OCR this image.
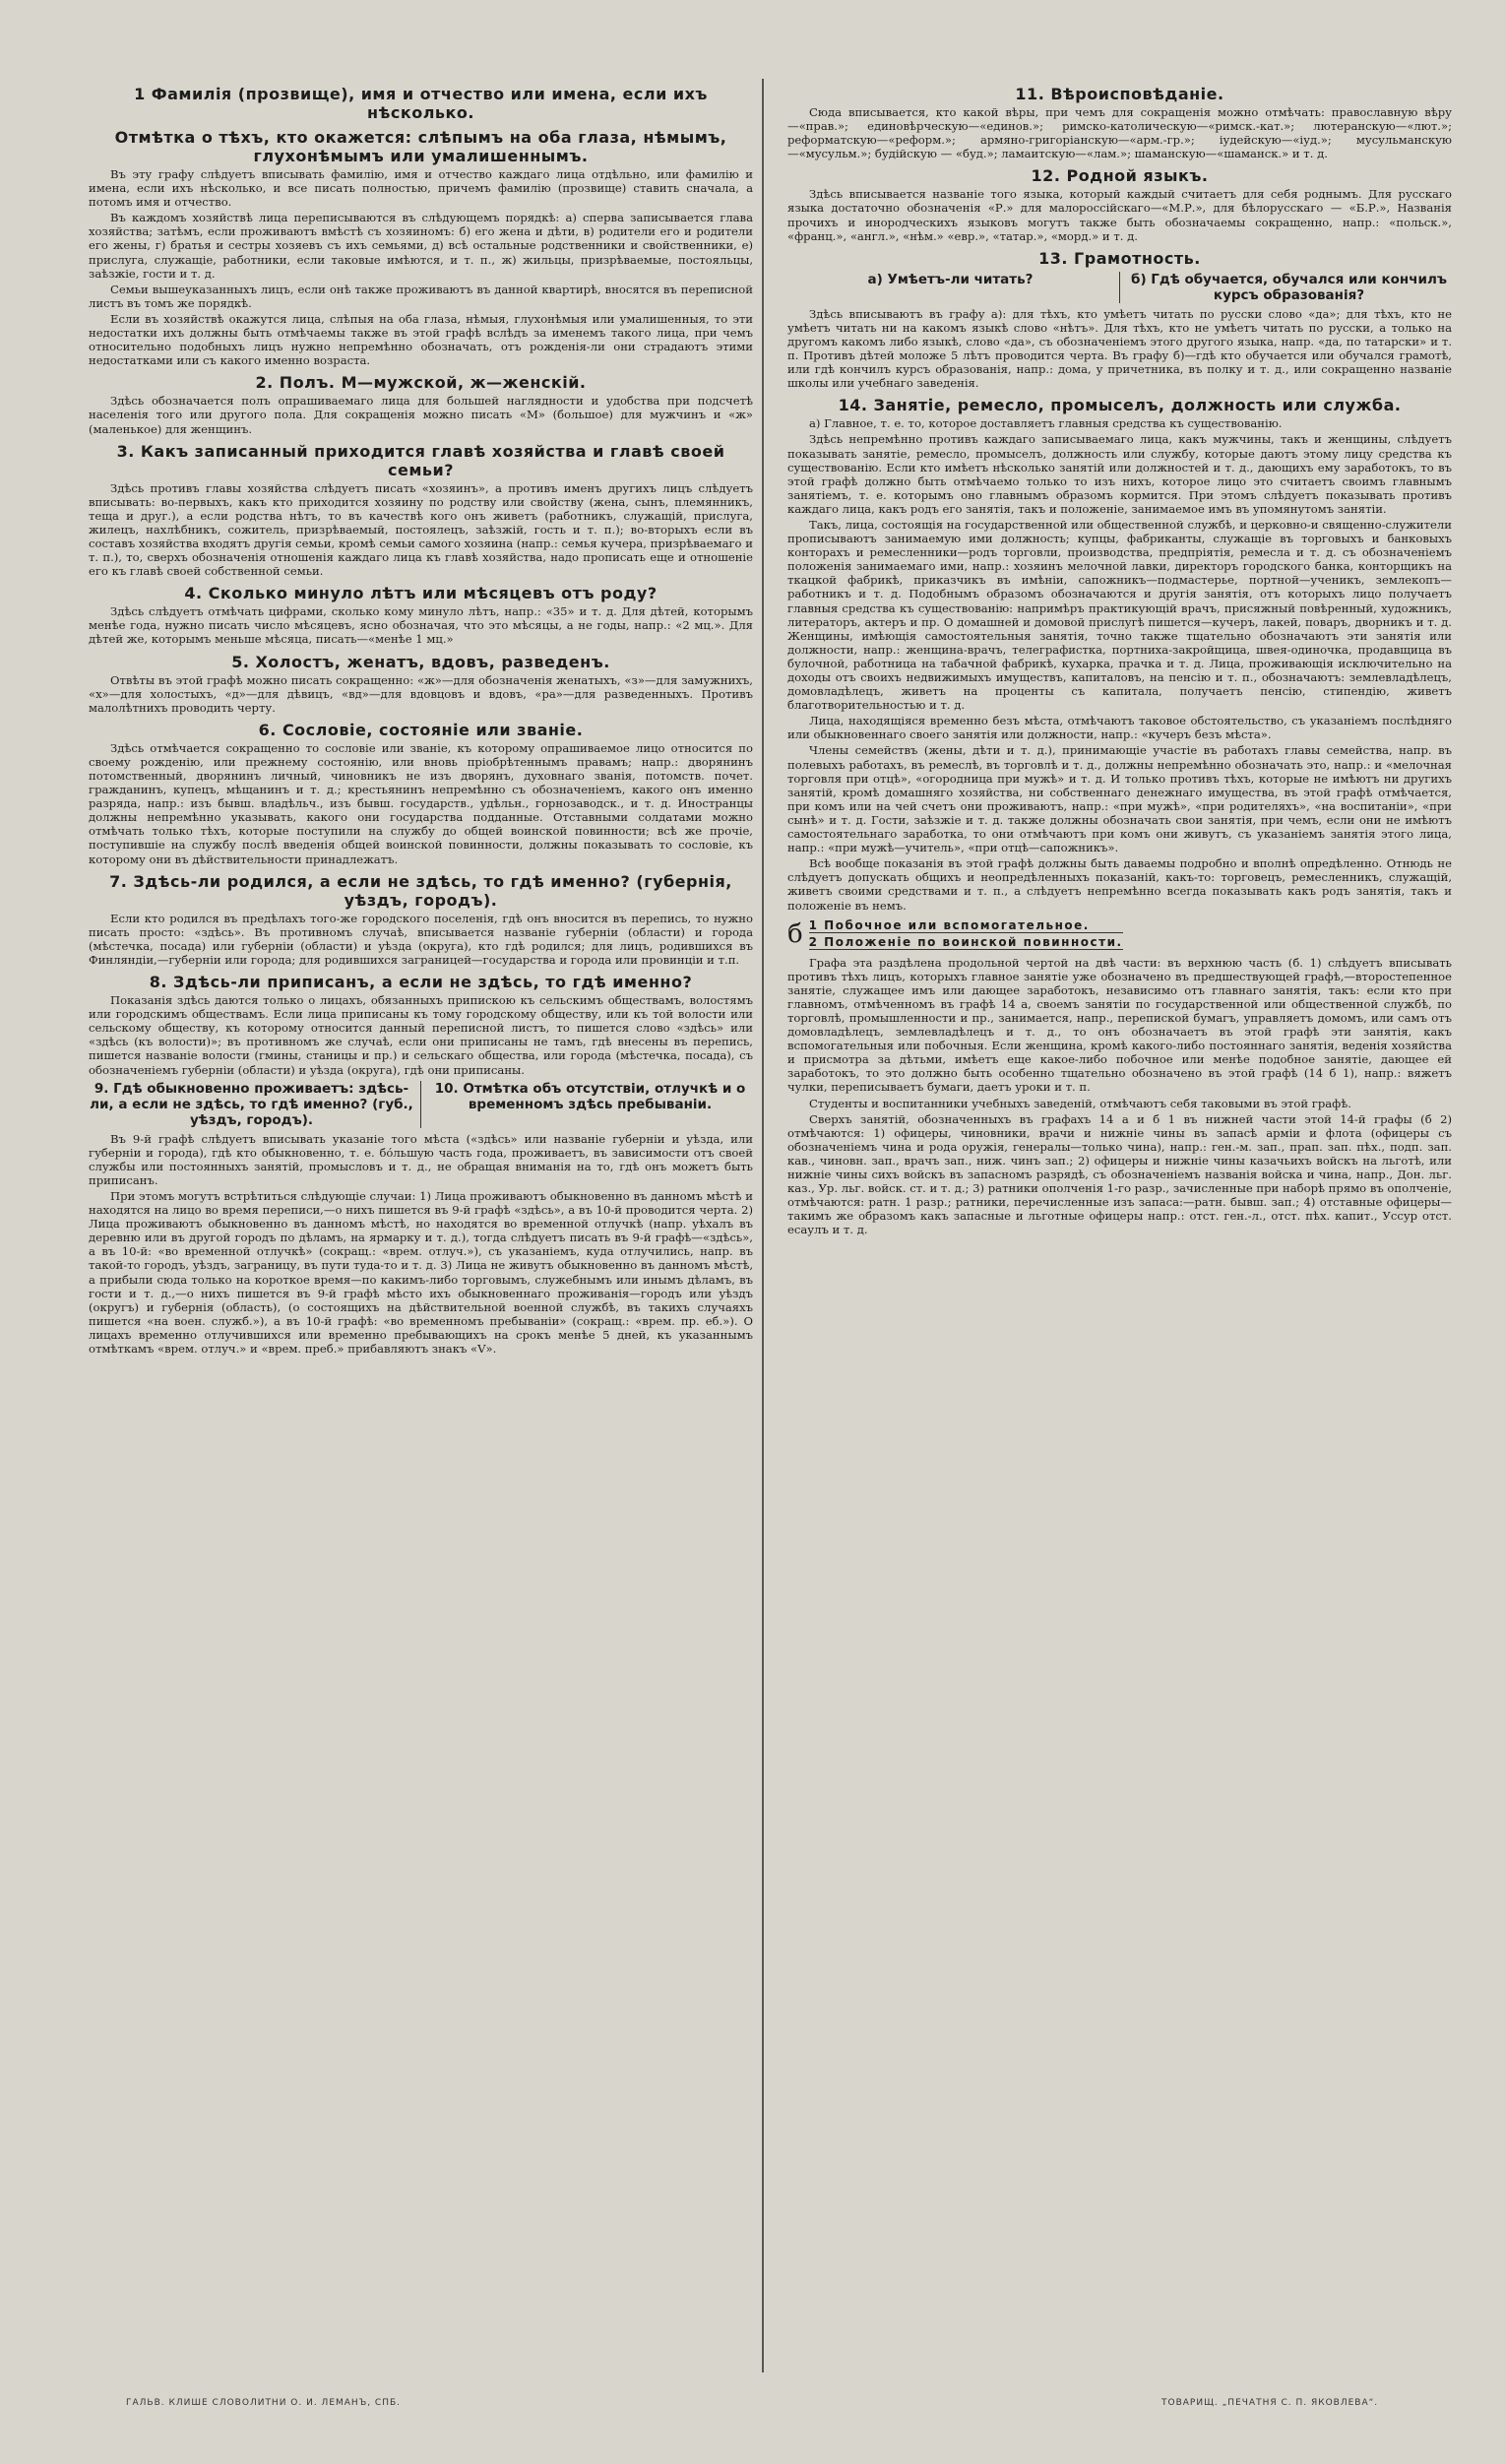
1 Фамилія (прозвище), имя и отчество или имена, если ихъ нѣсколько.
Отмѣтка о тѣхъ, кто окажется: слѣпымъ на оба глаза, нѣмымъ, глухонѣмымъ или умалишеннымъ.

Въ эту графу слѣдуетъ вписывать фамилію, имя и отчество каждаго лица отдѣльно, или фамилію и имена, если ихъ нѣсколько, и все писать полностью, причемъ фамилію (прозвище) ставить сначала, а потомъ имя и отчество.

Въ каждомъ хозяйствѣ лица переписываются въ слѣдующемъ порядкѣ: а) сперва записывается глава хозяйства; затѣмъ, если проживаютъ вмѣстѣ съ хозяиномъ: б) его жена и дѣти, в) родители его и родители его жены, г) братья и сестры хозяевъ съ ихъ семьями, д) всѣ остальные родственники и свойственники, е) прислуга, служащіе, работники, если таковые имѣются, и т. п., ж) жильцы, призрѣваемые, постояльцы, заѣзжіе, гости и т. д.

Семьи вышеуказанныхъ лицъ, если онѣ также проживаютъ въ данной квартирѣ, вносятся въ переписной листъ въ томъ же порядкѣ.

Если въ хозяйствѣ окажутся лица, слѣпыя на оба глаза, нѣмыя, глухонѣмыя или умалишенныя, то эти недостатки ихъ должны быть отмѣчаемы также въ этой графѣ вслѣдъ за именемъ такого лица, при чемъ относительно подобныхъ лицъ нужно непремѣнно обозначать, отъ рожденія-ли они страдаютъ этими недостатками или съ какого именно возраста.

2. Полъ. М—мужской, ж—женскій.

Здѣсь обозначается полъ опрашиваемаго лица для большей наглядности и удобства при подсчетѣ населенія того или другого пола. Для сокращенія можно писать «М» (большое) для мужчинъ и «ж» (маленькое) для женщинъ.

3. Какъ записанный приходится главѣ хозяйства и главѣ своей семьи?

Здѣсь противъ главы хозяйства слѣдуетъ писать «хозяинъ», а противъ именъ другихъ лицъ слѣдуетъ вписывать: во-первыхъ, какъ кто приходится хозяину по родству или свойству (жена, сынъ, племянникъ, теща и друг.), а если родства нѣтъ, то въ качествѣ кого онъ живетъ (работникъ, служащій, прислуга, жилецъ, нахлѣбникъ, сожитель, призрѣваемый, постоялецъ, заѣзжій, гость и т. п.); во-вторыхъ если въ составъ хозяйства входятъ другія семьи, кромѣ семьи самого хозяина (напр.: семья кучера, призрѣваемаго и т. п.), то, сверхъ обозначенія отношенія каждаго лица къ главѣ хозяйства, надо прописать еще и отношеніе его къ главѣ своей собственной семьи.

4. Сколько минуло лѣтъ или мѣсяцевъ отъ роду?

Здѣсь слѣдуетъ отмѣчать цифрами, сколько кому минуло лѣтъ, напр.: «35» и т. д. Для дѣтей, которымъ менѣе года, нужно писать число мѣсяцевъ, ясно обозначая, что это мѣсяцы, а не годы, напр.: «2 мц.». Для дѣтей же, которымъ меньше мѣсяца, писать—«менѣе 1 мц.»

5. Холостъ, женатъ, вдовъ, разведенъ.

Отвѣты въ этой графѣ можно писать сокращенно: «ж»—для обозначенія женатыхъ, «з»—для замужнихъ, «х»—для холостыхъ, «д»—для дѣвицъ, «вд»—для вдовцовъ и вдовъ, «ра»—для разведенныхъ. Противъ малолѣтнихъ проводить черту.

6. Сословіе, состояніе или званіе.

Здѣсь отмѣчается сокращенно то сословіе или званіе, къ которому опрашиваемое лицо относится по своему рожденію, или прежнему состоянію, или вновь пріобрѣтеннымъ правамъ; напр.: дворянинъ потомственный, дворянинъ личный, чиновникъ не изъ дворянъ, духовнаго званія, потомств. почет. гражданинъ, купецъ, мѣщанинъ и т. д.; крестьянинъ непремѣнно съ обозначеніемъ, какого онъ именно разряда, напр.: изъ бывш. владѣльч., изъ бывш. государств., удѣльн., горнозаводск., и т. д. Иностранцы должны непремѣнно указывать, какого они государства подданные. Отставными солдатами можно отмѣчать только тѣхъ, которые поступили на службу до общей воинской повинности; всѣ же прочіе, поступившіе на службу послѣ введенія общей воинской повинности, должны показывать то сословіе, къ которому они въ дѣйствительности принадлежатъ.

7. Здѣсь-ли родился, а если не здѣсь, то гдѣ именно? (губернія, уѣздъ, городъ).

Если кто родился въ предѣлахъ того-же городского поселенія, гдѣ онъ вносится въ перепись, то нужно писать просто: «здѣсь». Въ противномъ случаѣ, вписывается названіе губерніи (области) и города (мѣстечка, посада) или губерніи (области) и уѣзда (округа), кто гдѣ родился; для лицъ, родившихся въ Финляндіи,—губерніи или города; для родившихся заграницей—государства и города или провинціи и т.п.

8. Здѣсь-ли приписанъ, а если не здѣсь, то гдѣ именно?

Показанія здѣсь даются только о лицахъ, обязанныхъ припискою къ сельскимъ обществамъ, волостямъ или городскимъ обществамъ. Если лица приписаны къ тому городскому обществу, или къ той волости или сельскому обществу, къ которому относится данный переписной листъ, то пишется слово «здѣсь» или «здѣсь (къ волости)»; въ противномъ же случаѣ, если они приписаны не тамъ, гдѣ внесены въ перепись, пишется названіе волости (гмины, станицы и пр.) и сельскаго общества, или города (мѣстечка, посада), съ обозначеніемъ губерніи (области) и уѣзда (округа), гдѣ они приписаны.

9. Гдѣ обыкновенно проживаетъ: здѣсь-ли, а если не здѣсь, то гдѣ именно? (губ., уѣздъ, городъ).
10. Отмѣтка объ отсутствіи, отлучкѣ и о временномъ здѣсь пребываніи.

Въ 9-й графѣ слѣдуетъ вписывать указаніе того мѣста («здѣсь» или названіе губерніи и уѣзда, или губерніи и города), гдѣ кто обыкновенно, т. е. бо́льшую часть года, проживаетъ, въ зависимости отъ своей службы или постоянныхъ занятій, промысловъ и т. д., не обращая вниманія на то, гдѣ онъ можетъ быть приписанъ.

При этомъ могутъ встрѣтиться слѣдующіе случаи: 1) Лица проживаютъ обыкновенно въ данномъ мѣстѣ и находятся на лицо во время переписи,—о нихъ пишется въ 9-й графѣ «здѣсь», а въ 10-й проводится черта. 2) Лица проживаютъ обыкновенно въ данномъ мѣстѣ, но находятся во временной отлучкѣ (напр. уѣхалъ въ деревню или въ другой городъ по дѣламъ, на ярмарку и т. д.), тогда слѣдуетъ писать въ 9-й графѣ—«здѣсь», а въ 10-й: «во временной отлучкѣ» (сокращ.: «врем. отлуч.»), съ указаніемъ, куда отлучились, напр. въ такой-то городъ, уѣздъ, заграницу, въ пути туда-то и т. д. 3) Лица не живутъ обыкновенно въ данномъ мѣстѣ, а прибыли сюда только на короткое время—по какимъ-либо торговымъ, служебнымъ или инымъ дѣламъ, въ гости и т. д.,—о нихъ пишется въ 9-й графѣ мѣсто ихъ обыкновеннаго проживанія—городъ или уѣздъ (округъ) и губернія (область), (о состоящихъ на дѣйствительной военной службѣ, въ такихъ случаяхъ пишется «на воен. служб.»), а въ 10-й графѣ: «во временномъ пребываніи» (сокращ.: «врем. пр. еб.»). О лицахъ временно отлучившихся или временно пребывающихъ на срокъ менѣе 5 дней, къ указаннымъ отмѣткамъ «врем. отлуч.» и «врем. преб.» прибавляютъ знакъ «V».

11. Вѣроисповѣданіе.

Сюда вписывается, кто какой вѣры, при чемъ для сокращенія можно отмѣчать: православную вѣру—«прав.»; единовѣрческую—«единов.»; римско-католическую—«римск.-кат.»; лютеранскую—«лют.»; реформатскую—«реформ.»; армяно-григоріанскую—«арм.-гр.»; іудейскую—«іуд.»; мусульманскую—«мусульм.»; будійскую — «буд.»; ламаитскую—«лам.»; шаманскую—«шаманск.» и т. д.

12. Родной языкъ.

Здѣсь вписывается названіе того языка, который каждый считаетъ для себя роднымъ. Для русскаго языка достаточно обозначенія «Р.» для малороссійскаго—«М.Р.», для бѣлорусскаго — «Б.Р.», Названія прочихъ и инородческихъ языковъ могутъ также быть обозначаемы сокращенно, напр.: «польск.», «франц.», «англ.», «нѣм.» «евр.», «татар.», «морд.» и т. д.

13. Грамотность.
а) Умѣетъ-ли читать?	б) Гдѣ обучается, обучался или кончилъ курсъ образованія?

Здѣсь вписываютъ въ графу а): для тѣхъ, кто умѣетъ читать по русски слово «да»; для тѣхъ, кто не умѣетъ читать ни на какомъ языкѣ слово «нѣтъ». Для тѣхъ, кто не умѣетъ читать по русски, а только на другомъ какомъ либо языкѣ, слово «да», съ обозначеніемъ этого другого языка, напр. «да, по татарски» и т. п. Противъ дѣтей моложе 5 лѣтъ проводится черта. Въ графу б)—гдѣ кто обучается или обучался грамотѣ, или гдѣ кончилъ курсъ образованія, напр.: дома, у причетника, въ полку и т. д., или сокращенно названіе школы или учебнаго заведенія.

14. Занятіе, ремесло, промыселъ, должность или служба.

а) Главное, т. е. то, которое доставляетъ главныя средства къ существованію.

Здѣсь непремѣнно противъ каждаго записываемаго лица, какъ мужчины, такъ и женщины, слѣдуетъ показывать занятіе, ремесло, промыселъ, должность или службу, которые даютъ этому лицу средства къ существованію. Если кто имѣетъ нѣсколько занятій или должностей и т. д., дающихъ ему заработокъ, то въ этой графѣ должно быть отмѣчаемо только то изъ нихъ, которое лицо это считаетъ своимъ главнымъ занятіемъ, т. е. которымъ оно главнымъ образомъ кормится. При этомъ слѣдуетъ показывать противъ каждаго лица, какъ родъ его занятія, такъ и положеніе, занимаемое имъ въ упомянутомъ занятіи.

Такъ, лица, состоящія на государственной или общественной службѣ, и церковно-и священно-служители прописываютъ занимаемую ими должность; купцы, фабриканты, служащіе въ торговыхъ и банковыхъ конторахъ и ремесленники—родъ торговли, производства, предпріятія, ремесла и т. д. съ обозначеніемъ положенія занимаемаго ими, напр.: хозяинъ мелочной лавки, директоръ городского банка, конторщикъ на ткацкой фабрикѣ, приказчикъ въ имѣніи, сапожникъ—подмастерье, портной—ученикъ, землекопъ—работникъ и т. д. Подобнымъ образомъ обозначаются и другія занятія, отъ которыхъ лицо получаетъ главныя средства къ существованію: напримѣръ практикующій врачъ, присяжный повѣренный, художникъ, литераторъ, актеръ и пр. О домашней и домовой прислугѣ пишется—кучеръ, лакей, поваръ, дворникъ и т. д. Женщины, имѣющія самостоятельныя занятія, точно также тщательно обозначаютъ эти занятія или должности, напр.: женщина-врачъ, телеграфистка, портниха-закройщица, швея-одиночка, продавщица въ булочной, работница на табачной фабрикѣ, кухарка, прачка и т. д. Лица, проживающія исключительно на доходы отъ своихъ недвижимыхъ имуществъ, капиталовъ, на пенсію и т. п., обозначаютъ: землевладѣлецъ, домовладѣлецъ, живетъ на проценты съ капитала, получаетъ пенсію, стипендію, живетъ благотворительностью и т. д.

Лица, находящіяся временно безъ мѣста, отмѣчаютъ таковое обстоятельство, съ указаніемъ послѣдняго или обыкновеннаго своего занятія или должности, напр.: «кучеръ безъ мѣста».

Члены семействъ (жены, дѣти и т. д.), принимающіе участіе въ работахъ главы семейства, напр. въ полевыхъ работахъ, въ ремеслѣ, въ торговлѣ и т. д., должны непремѣнно обозначать это, напр.: и «мелочная торговля при отцѣ», «огородница при мужѣ» и т. д. И только противъ тѣхъ, которые не имѣютъ ни другихъ занятій, кромѣ домашняго хозяйства, ни собственнаго денежнаго имущества, въ этой графѣ отмѣчается, при комъ или на чей счетъ они проживаютъ, напр.: «при мужѣ», «при родителяхъ», «на воспитаніи», «при сынѣ» и т. д. Гости, заѣзжіе и т. д. также должны обозначать свои занятія, при чемъ, если они не имѣютъ самостоятельнаго заработка, то они отмѣчаютъ при комъ они живутъ, съ указаніемъ занятія этого лица, напр.: «при мужѣ—учитель», «при отцѣ—сапожникъ».

Всѣ вообще показанія въ этой графѣ должны быть даваемы подробно и вполнѣ опредѣленно. Отнюдь не слѣдуетъ допускать общихъ и неопредѣленныхъ показаній, какъ-то: торговецъ, ремесленникъ, служащій, живетъ своими средствами и т. п., а слѣдуетъ непремѣнно всегда показывать какъ родъ занятія, такъ и положеніе въ немъ.

б 1 Побочное или вспомогательное.
2 Положеніе по воинской повинности.

Графа эта раздѣлена продольной чертой на двѣ части: въ верхнюю часть (б. 1) слѣдуетъ вписывать противъ тѣхъ лицъ, которыхъ главное занятіе уже обозначено въ предшествующей графѣ,—второстепенное занятіе, служащее имъ или дающее заработокъ, независимо отъ главнаго занятія, такъ: если кто при главномъ, отмѣченномъ въ графѣ 14 а, своемъ занятіи по государственной или общественной службѣ, по торговлѣ, промышленности и пр., занимается, напр., перепиской бумагъ, управляетъ домомъ, или самъ отъ домовладѣлецъ, землевладѣлецъ и т. д., то онъ обозначаетъ въ этой графѣ эти занятія, какъ вспомогательныя или побочныя. Если женщина, кромѣ какого-либо постояннаго занятія, веденія хозяйства и присмотра за дѣтьми, имѣетъ еще какое-либо побочное или менѣе подобное занятіе, дающее ей заработокъ, то это должно быть особенно тщательно обозначено въ этой графѣ (14 б 1), напр.: вяжетъ чулки, переписываетъ бумаги, даетъ уроки и т. п.

Студенты и воспитанники учебныхъ заведеній, отмѣчаютъ себя таковыми въ этой графѣ.

Сверхъ занятій, обозначенныхъ въ графахъ 14 а и б 1 въ нижней части этой 14-й графы (б 2) отмѣчаются: 1) офицеры, чиновники, врачи и нижніе чины въ запасѣ арміи и флота (офицеры съ обозначеніемъ чина и рода оружія, генералы—только чина), напр.: ген.-м. зап., прап. зап. пѣх., подп. зап. кав., чиновн. зап., врачъ зап., ниж. чинъ зап.; 2) офицеры и нижніе чины казачьихъ войскъ на льготѣ, или нижніе чины сихъ войскъ въ запасномъ разрядѣ, съ обозначеніемъ названія войска и чина, напр., Дон. льг. каз., Ур. льг. войск. ст. и т. д.; 3) ратники ополченія 1-го разр., зачисленные при наборѣ прямо въ ополченіе, отмѣчаются: ратн. 1 разр.; ратники, перечисленные изъ запаса:—ратн. бывш. зап.; 4) отставные офицеры—такимъ же образомъ какъ запасные и льготные офицеры напр.: отст. ген.-л., отст. пѣх. капит., Уссур отст. есаулъ и т. д.

ГАЛЬВ. КЛИШЕ СЛОВОЛИТНИ О. И. ЛЕМАНЪ, СПБ.	ТОВАРИЩ. „ПЕЧАТНЯ С. П. ЯКОВЛЕВА“.
